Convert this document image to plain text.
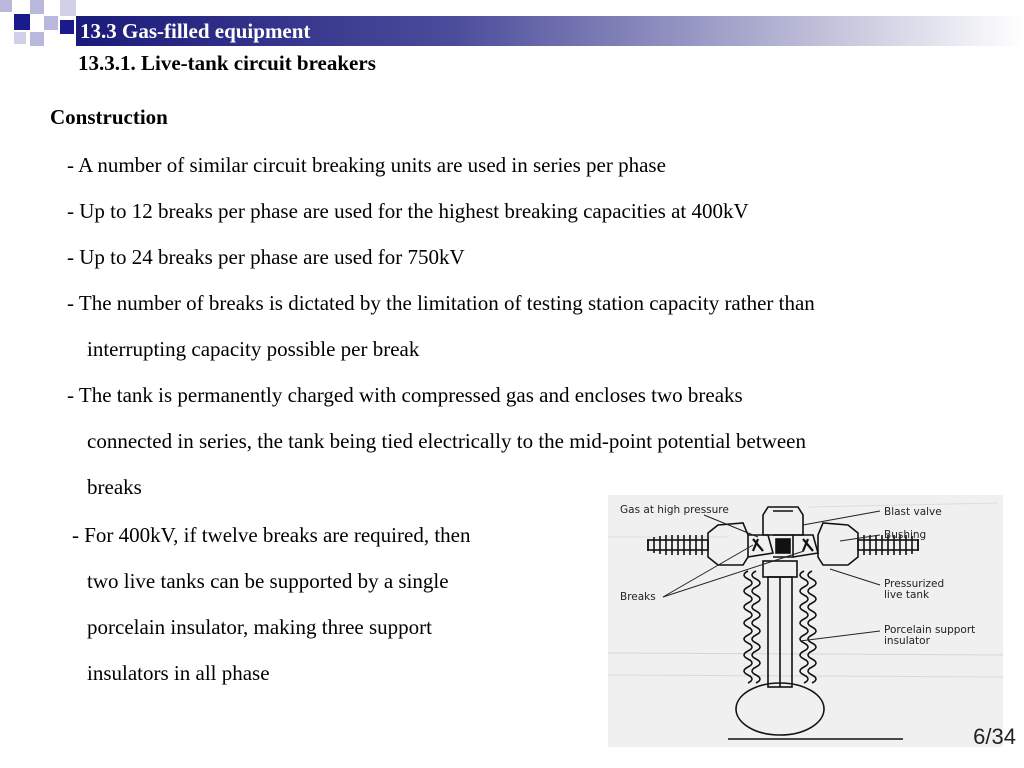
13.3 Gas-filled equipment
13.3.1. Live-tank circuit breakers
Construction
- A number of similar circuit breaking units are used in series per phase
- Up to 12 breaks per phase are used for the highest breaking capacities at 400kV
- Up to 24 breaks per phase are used for 750kV
- The number of breaks is dictated by the limitation of testing station capacity rather than
interrupting capacity possible per break
- The tank is permanently charged with compressed gas and encloses two breaks
connected in series, the tank being tied electrically to the mid-point potential between
breaks
- For 400kV, if twelve breaks are required, then
two live tanks can be supported by a single
porcelain insulator, making three support
insulators in all phase
Gas at high pressure	Blast valve
Bushing
Breaks
Pressurized
live tank
Porcelain support
insulator
6/34
